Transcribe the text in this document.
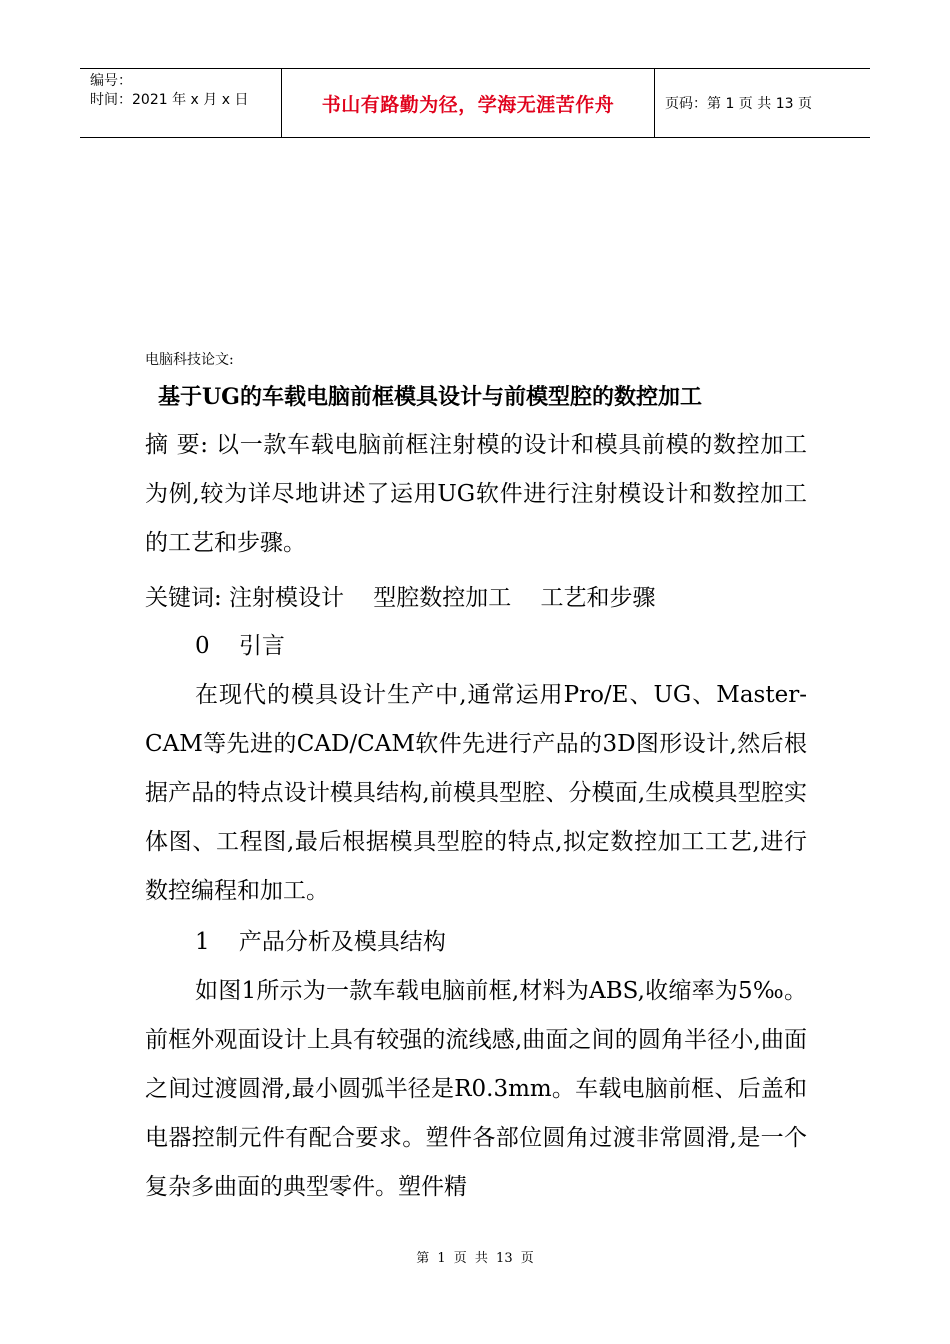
编号：
时间：2021 年 x 月 x 日	书山有路勤为径，学海无涯苦作舟	页码：第 1 页 共 13 页
电脑科技论文:
基于UG的车载电脑前框模具设计与前模型腔的数控加工
摘 要: 以一款车载电脑前框注射模的设计和模具前模的数控加工为例,较为详尽地讲述了运用UG软件进行注射模设计和数控加工的工艺和步骤。
关键词: 注射模设计    型腔数控加工    工艺和步骤
0    引言
在现代的模具设计生产中,通常运用Pro/E、UG、Master-CAM等先进的CAD/CAM软件先进行产品的3D图形设计,然后根据产品的特点设计模具结构,前模具型腔、分模面,生成模具型腔实体图、工程图,最后根据模具型腔的特点,拟定数控加工工艺,进行数控编程和加工。
1    产品分析及模具结构
如图1所示为一款车载电脑前框,材料为ABS,收缩率为5‰。前框外观面设计上具有较强的流线感,曲面之间的圆角半径小,曲面之间过渡圆滑,最小圆弧半径是R0.3mm。车载电脑前框、后盖和电器控制元件有配合要求。塑件各部位圆角过渡非常圆滑,是一个复杂多曲面的典型零件。塑件精
第 1 页 共 13 页
